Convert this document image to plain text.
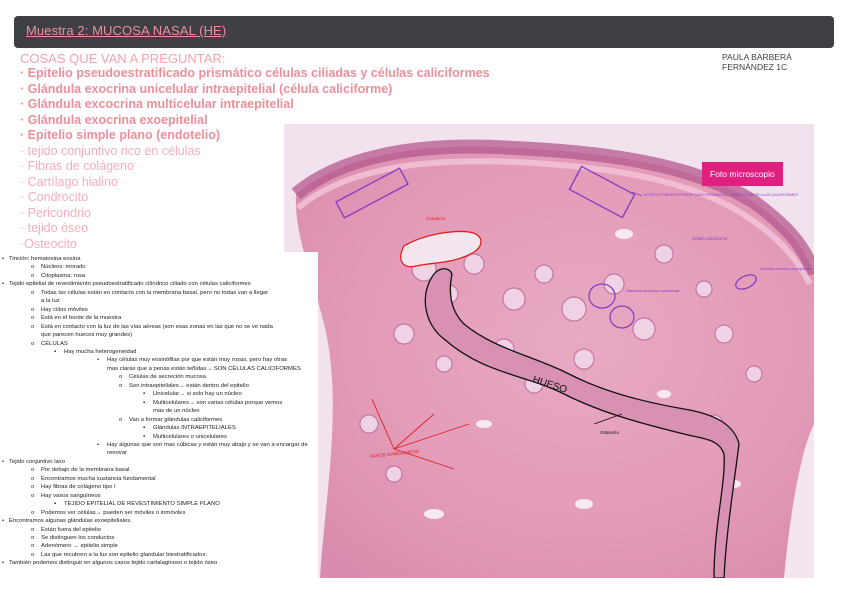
Muestra 2: MUCOSA NASAL (HE)
PAULA BARBERÁ
FERNÁNDEZ 1C
COSAS QUE VAN A PREGUNTAR:
· Epitelio pseudoestratificado prismático células ciliadas y células caliciformes
· Glándula exocrina unicelular intraepitelial (célula caliciforme)
· Glándula excocrina multicelular intraepitelial
· Glándula exocrina exoepitelial
· Epitelio simple plano (endotelio)
· tejido conjuntivo rico en células
· Fibras de colágeno
· Cartílago hialino
· Condrocito
· Pericondrio
· tejido óseo
·Osteocito
HUESO
Osteocito
Conducto
VASOS SANGUÍNEOS
EPITELIO PSEUDOESTRATIFICADO PRISMÁTICO CILIADO CON CÉLULAS CALICIFORMES
Célula caliciforme
Glándula exocrina multicelular
Glándula exocrina exoepitelial
Foto microscopio
• Tinción: hematoxina eosina
o Núcleos: morado
o Citoplasma: rosa
• Tejido epitelial de revestimiento pseudoestratificado cilíndrico ciliado con células caliciformes
o Todas las células están en contacto con la membrana basal, pero no todas van a llegar
a la luz
o Hay cilios móviles
o Está en el borde de la muestra
o Está en contacto con la luz de las vías aéreas (son esas zonas en las que no se ve nada
que parecen huecos muy grandes)
o CÉLULAS
▪ Hay mucha heterogeneidad
• Hay células muy eosinófilas por que están muy rosas, pero hay otras
mas claras que a penas están teñidas→ SON CÉLULAS CALICIFORMES
o Células de secreción mucosa
o Son intraepiteliales→ están dentro del epitelio
▪ Unicelular→ si solo hay un núcleo
▪ Multicelulares→ son varias células porque vemos
mas de un núcleo
o Van a formar glándulas caliciformes
▪ Glándulas INTRAEPITELIALES
▪ Multicelulares o unicelulares
• Hay algunas que son mas cúbicas y están muy abajo y se van a encargar de
renovar
• Tejido conjuntivo laxo
o Por debajo de la membrana basal
o Encontramos mucha sustancia fundamental
o Hay fibras de colágeno tipo I
o Hay vasos sanguíneos
▪ TEJIDO EPITELIAL DE REVESTIMIENTO SIMPLE PLANO
o Podemos ver células→ pueden ser móviles o inmóviles
• Encontramos algunas glándulas exoepiteliales.
o Están fuera del epitelio
o Se distinguen los conductos
o Adenómero → epitelio simple
o Las que recubren a la luz son epitelio glandular biestratificados.
• También podemos distinguir en algunos casos tejido cartalaginoso o tejido óseo
